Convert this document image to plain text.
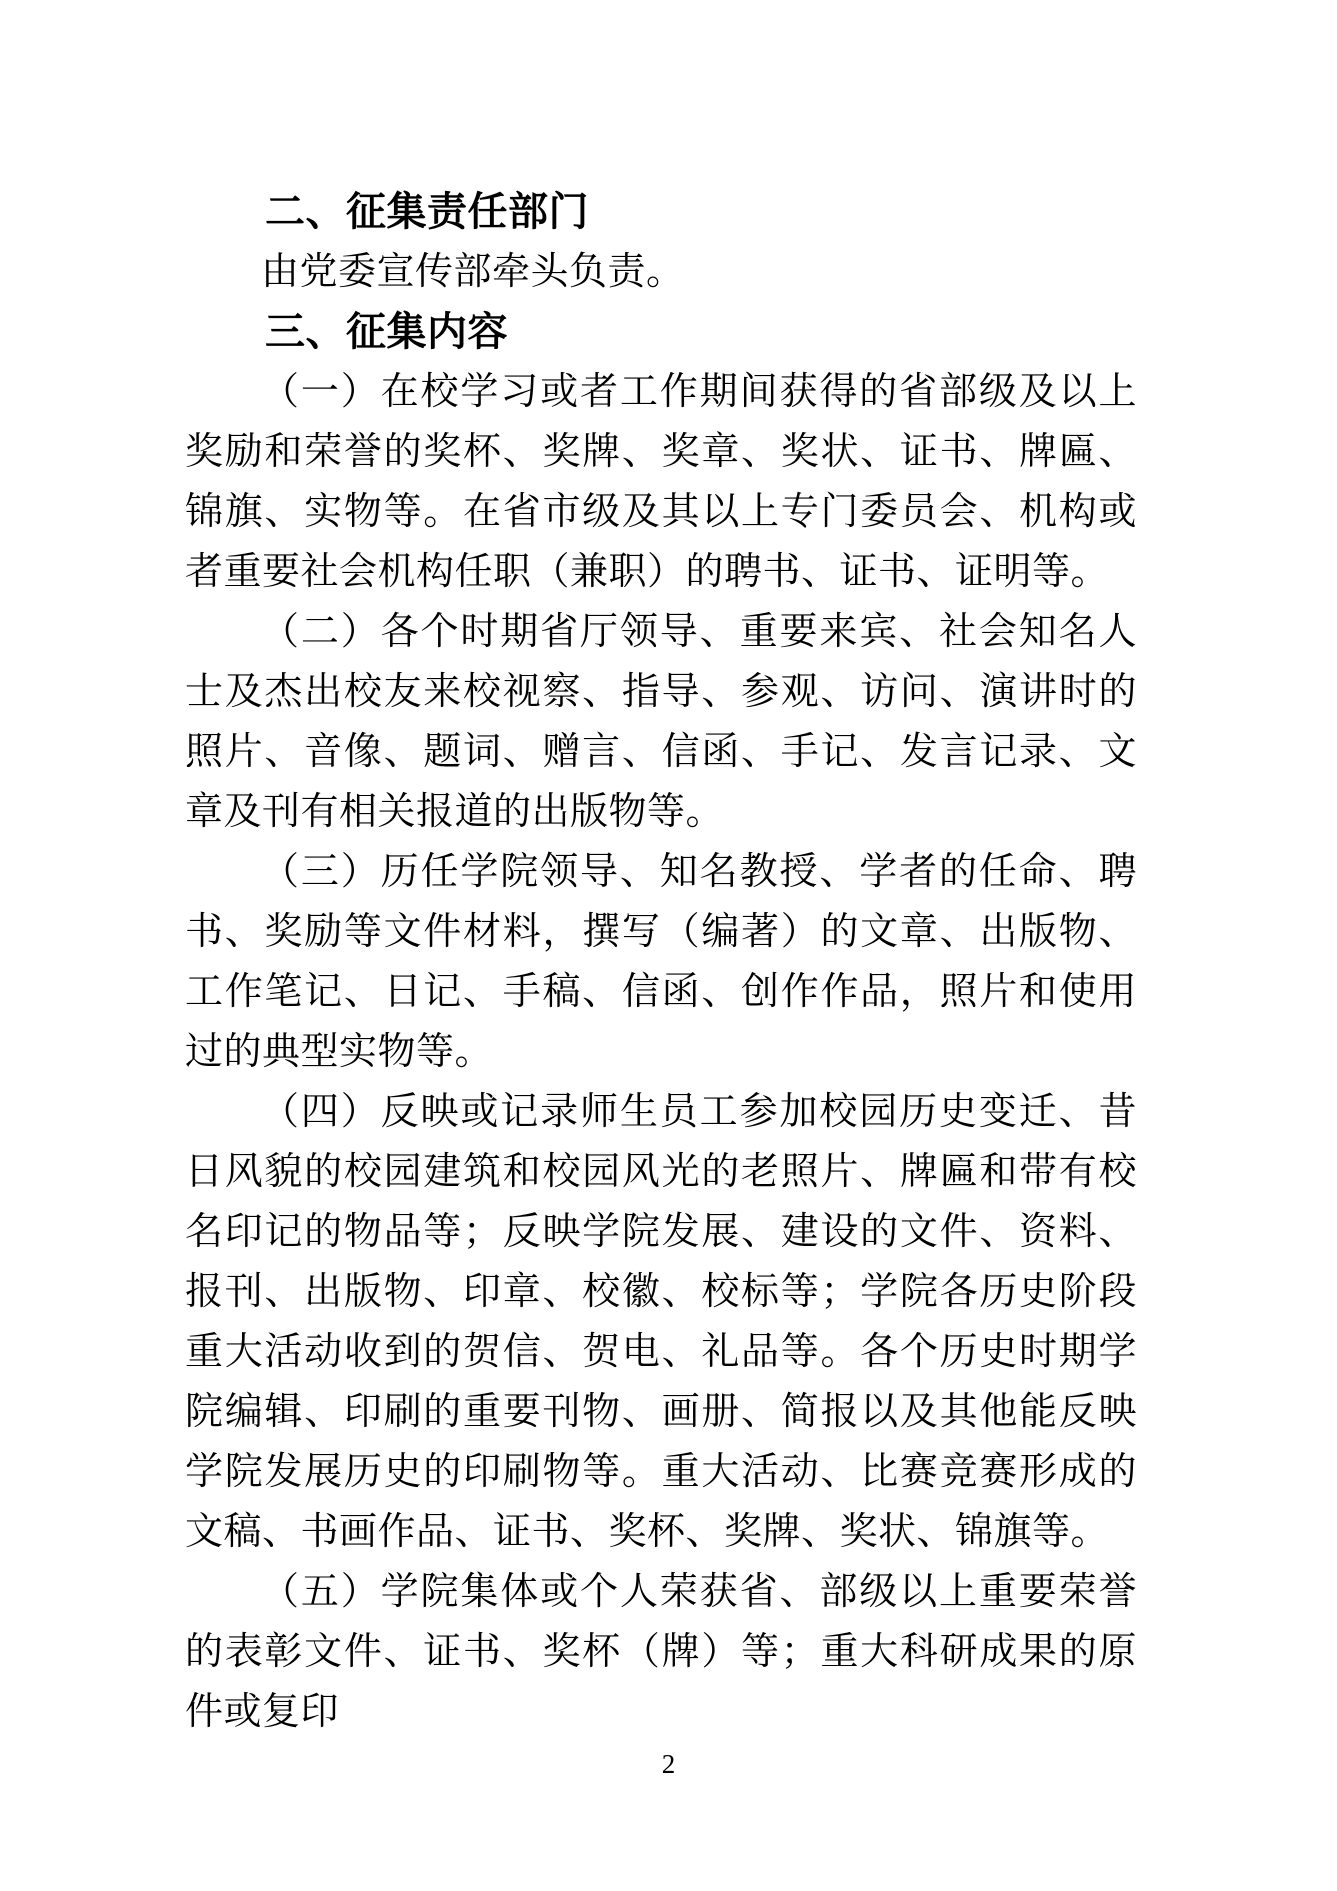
二、征集责任部门
由党委宣传部牵头负责。
三、征集内容
（一）在校学习或者工作期间获得的省部级及以上奖励和荣誉的奖杯、奖牌、奖章、奖状、证书、牌匾、锦旗、实物等。在省市级及其以上专门委员会、机构或者重要社会机构任职（兼职）的聘书、证书、证明等。
（二）各个时期省厅领导、重要来宾、社会知名人士及杰出校友来校视察、指导、参观、访问、演讲时的照片、音像、题词、赠言、信函、手记、发言记录、文章及刊有相关报道的出版物等。
（三）历任学院领导、知名教授、学者的任命、聘书、奖励等文件材料，撰写（编著）的文章、出版物、工作笔记、日记、手稿、信函、创作作品，照片和使用过的典型实物等。
（四）反映或记录师生员工参加校园历史变迁、昔日风貌的校园建筑和校园风光的老照片、牌匾和带有校名印记的物品等；反映学院发展、建设的文件、资料、报刊、出版物、印章、校徽、校标等；学院各历史阶段重大活动收到的贺信、贺电、礼品等。各个历史时期学院编辑、印刷的重要刊物、画册、简报以及其他能反映学院发展历史的印刷物等。重大活动、比赛竞赛形成的文稿、书画作品、证书、奖杯、奖牌、奖状、锦旗等。
（五）学院集体或个人荣获省、部级以上重要荣誉的表彰文件、证书、奖杯（牌）等；重大科研成果的原件或复印
2
